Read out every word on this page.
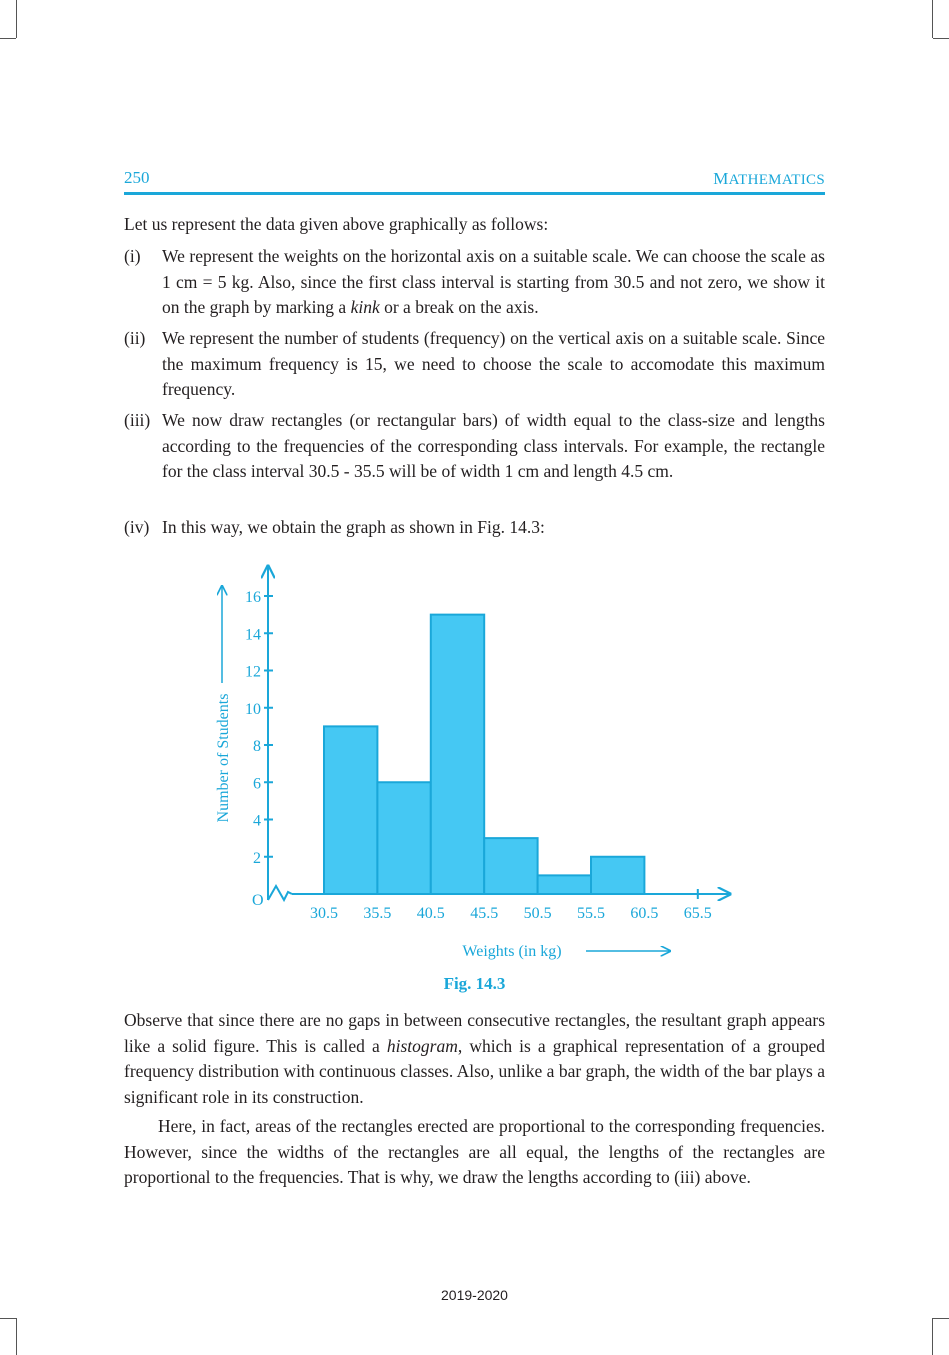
250	MATHEMATICS
Let us represent the data given above graphically as follows:
(i) We represent the weights on the horizontal axis on a suitable scale. We can choose the scale as 1 cm = 5 kg. Also, since the first class interval is starting from 30.5 and not zero, we show it on the graph by marking a kink or a break on the axis.
(ii) We represent the number of students (frequency) on the vertical axis on a suitable scale. Since the maximum frequency is 15, we need to choose the scale to accomodate this maximum frequency.
(iii) We now draw rectangles (or rectangular bars) of width equal to the class-size and lengths according to the frequencies of the corresponding class intervals. For example, the rectangle for the class interval 30.5 - 35.5 will be of width 1 cm and length 4.5 cm.
(iv) In this way, we obtain the graph as shown in Fig. 14.3:
2
4
6
8
10
12
14
16
30.5 35.5 40.5 45.5 50.5 55.5 60.5 65.5
O
Number of Students
Weights (in kg)
Fig. 14.3
Observe that since there are no gaps in between consecutive rectangles, the resultant graph appears like a solid figure. This is called a histogram, which is a graphical representation of a grouped frequency distribution with continuous classes. Also, unlike a bar graph, the width of the bar plays a significant role in its construction.
Here, in fact, areas of the rectangles erected are proportional to the corresponding frequencies. However, since the widths of the rectangles are all equal, the lengths of the rectangles are proportional to the frequencies. That is why, we draw the lengths according to (iii) above.
2019-2020
